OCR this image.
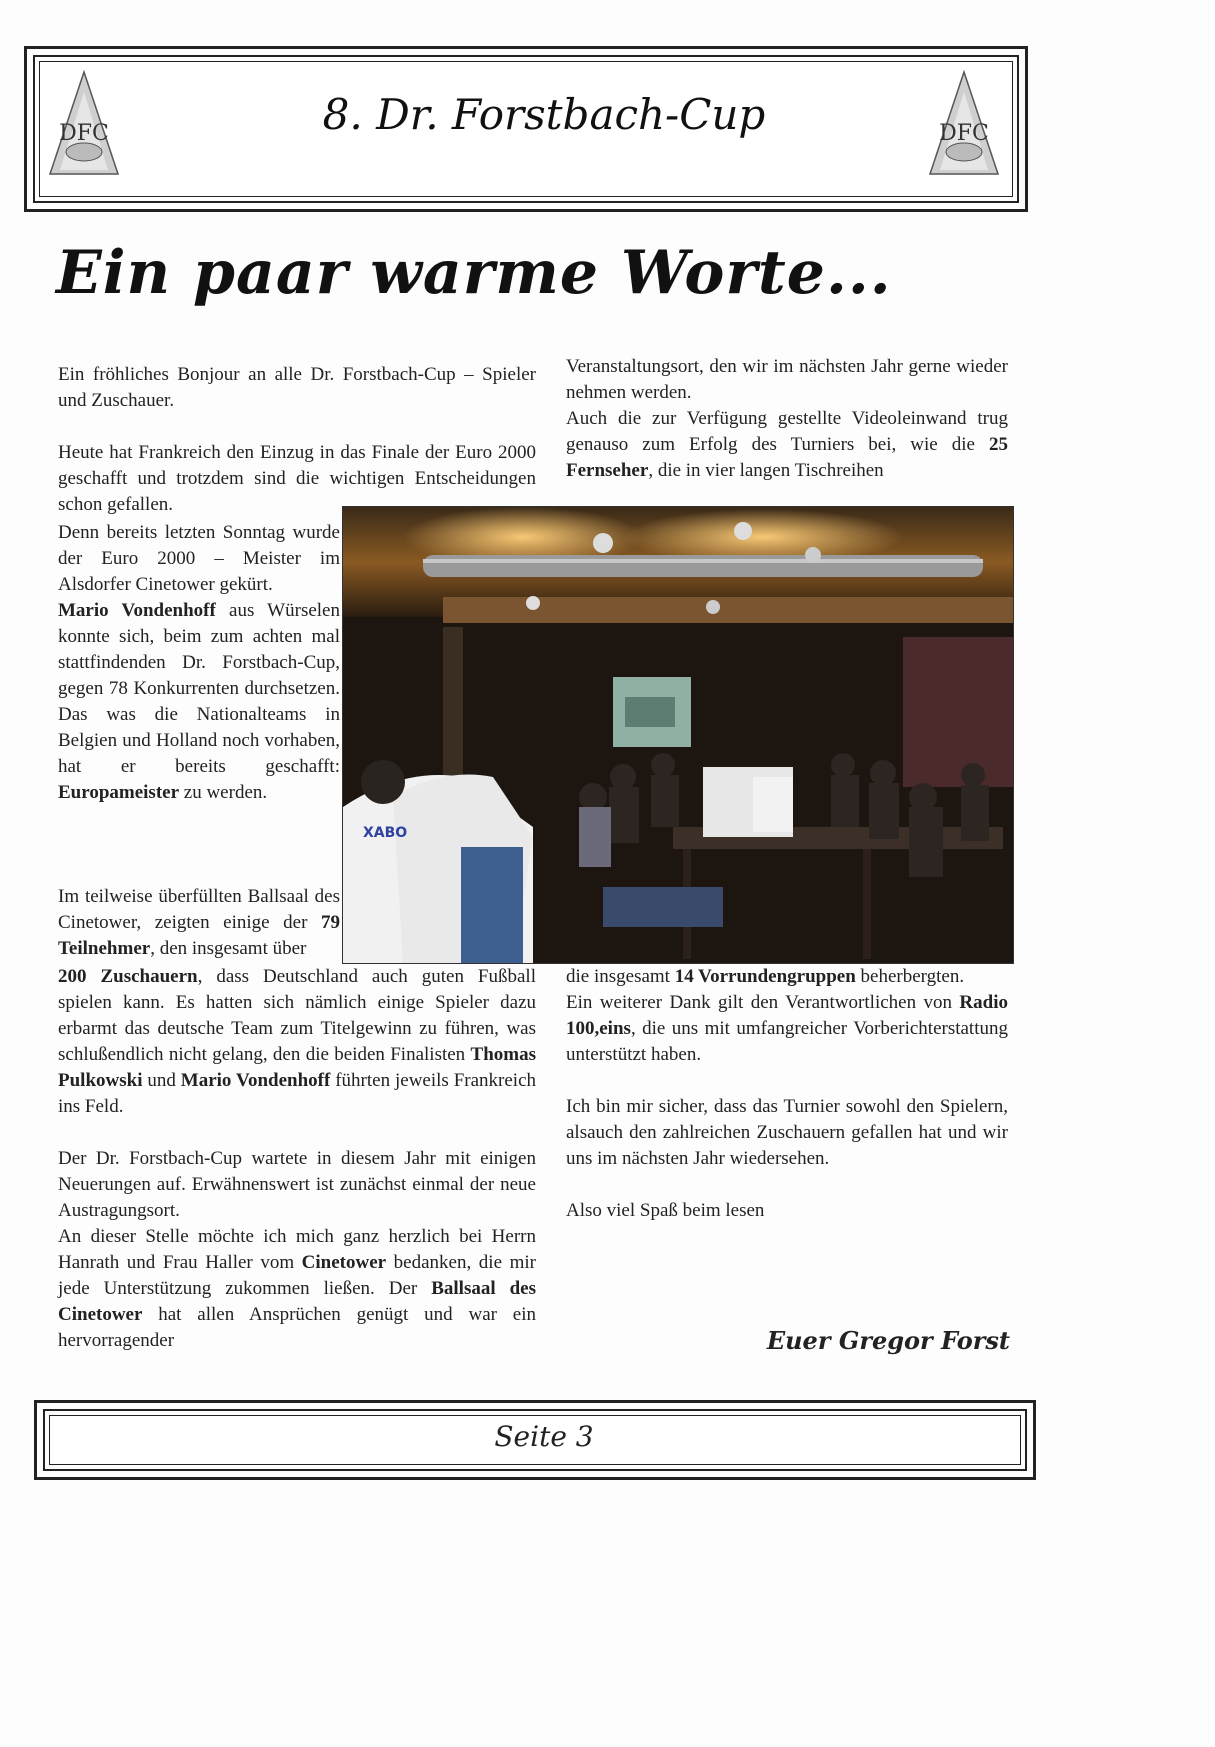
8. Dr. Forstbach-Cup
DFC	DFC
Ein paar warme Worte...

Ein fröhliches Bonjour an alle Dr. Forstbach-Cup – Spieler und Zuschauer.

Heute hat Frankreich den Einzug in das Finale der Euro 2000 geschafft und trotzdem sind die wichtigen Entscheidungen schon gefallen.

Denn bereits letzten Sonntag wurde der Euro 2000 – Meister im Alsdorfer Cinetower gekürt.
Mario Vondenhoff aus Würselen konnte sich, beim zum achten mal stattfindenden Dr. Forstbach-Cup, gegen 78 Konkurrenten durchsetzen. Das was die Nationalteams in Belgien und Holland noch vorhaben, hat er bereits geschafft: Europameister zu werden.

Im teilweise überfüllten Ballsaal des Cinetower, zeigten einige der 79 Teilnehmer, den insgesamt über

200 Zuschauern, dass Deutschland auch guten Fußball spielen kann. Es hatten sich nämlich einige Spieler dazu erbarmt das deutsche Team zum Titelgewinn zu führen, was schlußendlich nicht gelang, den die beiden Finalisten Thomas Pulkowski und Mario Vondenhoff führten jeweils Frankreich ins Feld.

Der Dr. Forstbach-Cup wartete in diesem Jahr mit einigen Neuerungen auf. Erwähnenswert ist zunächst einmal der neue Austragungsort.

An dieser Stelle möchte ich mich ganz herzlich bei Herrn Hanrath und Frau Haller vom Cinetower bedanken, die mir jede Unterstützung zukommen ließen. Der Ballsaal des Cinetower hat allen Ansprüchen genügt und war ein hervorragender

Veranstaltungsort, den wir im nächsten Jahr gerne wieder nehmen werden.

Auch die zur Verfügung gestellte Videoleinwand trug genauso zum Erfolg des Turniers bei, wie die 25 Fernseher, die in vier langen Tischreihen

XABO

die insgesamt 14 Vorrundengruppen beherbergten.

Ein weiterer Dank gilt den Verantwortlichen von Radio 100,eins, die uns mit umfangreicher Vorberichterstattung unterstützt haben.

Ich bin mir sicher, dass das Turnier sowohl den Spielern, alsauch den zahlreichen Zuschauern gefallen hat und wir uns im nächsten Jahr wiedersehen.

Also viel Spaß beim lesen

Euer Gregor Forst
Seite 3
